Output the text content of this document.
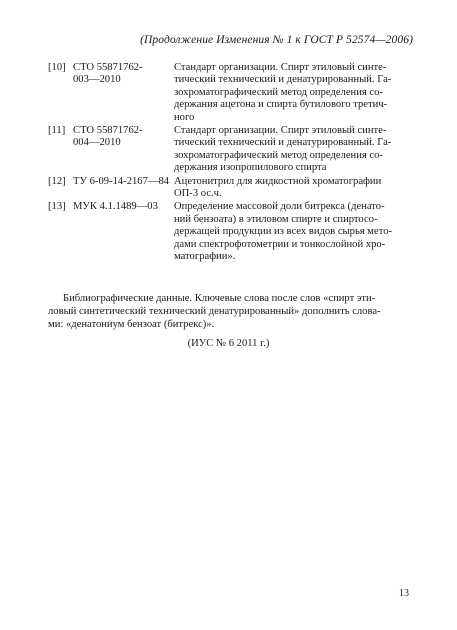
(Продолжение Изменения № 1 к ГОСТ Р 52574—2006)
[10] СТО 55871762-
003—2010
Стандарт организации. Спирт этиловый синте-
тический технический и денатурированный. Га-
зохроматографический метод определения со-
держания ацетона и спирта бутилового третич-
ного
[11] СТО 55871762-
004—2010
Стандарт организации. Спирт этиловый синте-
тический технический и денатурированный. Га-
зохроматографический метод определения со-
держания изопропилового спирта
[12] ТУ 6-09-14-2167—84 Ацетонитрил для жидкостной хроматографии
ОП-3 ос.ч.
[13] МУК 4.1.1489—03	Определение массовой доли битрекса (денато-
ний бензоата) в этиловом спирте и спиртосо-
держащей продукции из всех видов сырья мето-
дами спектрофотометрии и тонкослойной хро-
матографии».
Библиографические данные. Ключевые слова после слов «спирт эти-
ловый синтетический технический денатурированный» дополнить слова-
ми: «денатониум бензоат (битрекс)».
(ИУС № 6 2011 г.)
13
